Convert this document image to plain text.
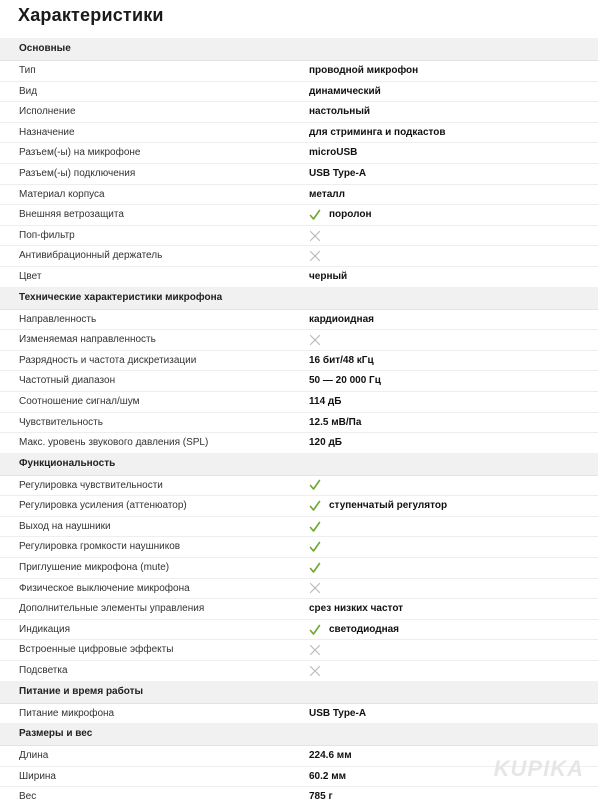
Характеристики
Основные
Тип	проводной микрофон
Вид	динамический
Исполнение	настольный
Назначение	для стриминга и подкастов
Разъем(-ы) на микрофоне	microUSB
Разъем(-ы) подключения	USB Type-A
Материал корпуса	металл
Внешняя ветрозащита	поролон
Поп-фильтр
Антивибрационный держатель
Цвет	черный
Технические характеристики микрофона
Направленность	кардиоидная
Изменяемая направленность
Разрядность и частота дискретизации	16 бит/48 кГц
Частотный диапазон	50 — 20 000 Гц
Соотношение сигнал/шум	114 дБ
Чувствительность	12.5 мВ/Па
Макс. уровень звукового давления (SPL)	120 дБ
Функциональность
Регулировка чувствительности
Регулировка усиления (аттенюатор)	ступенчатый регулятор
Выход на наушники
Регулировка громкости наушников
Приглушение микрофона (mute)
Физическое выключение микрофона
Дополнительные элементы управления	срез низких частот
Индикация	светодиодная
Встроенные цифровые эффекты
Подсветка
Питание и время работы
Питание микрофона	USB Type-A
Размеры и вес
Длина	224.6 мм
Ширина	60.2 мм
Вес	785 г
KUPIKA
